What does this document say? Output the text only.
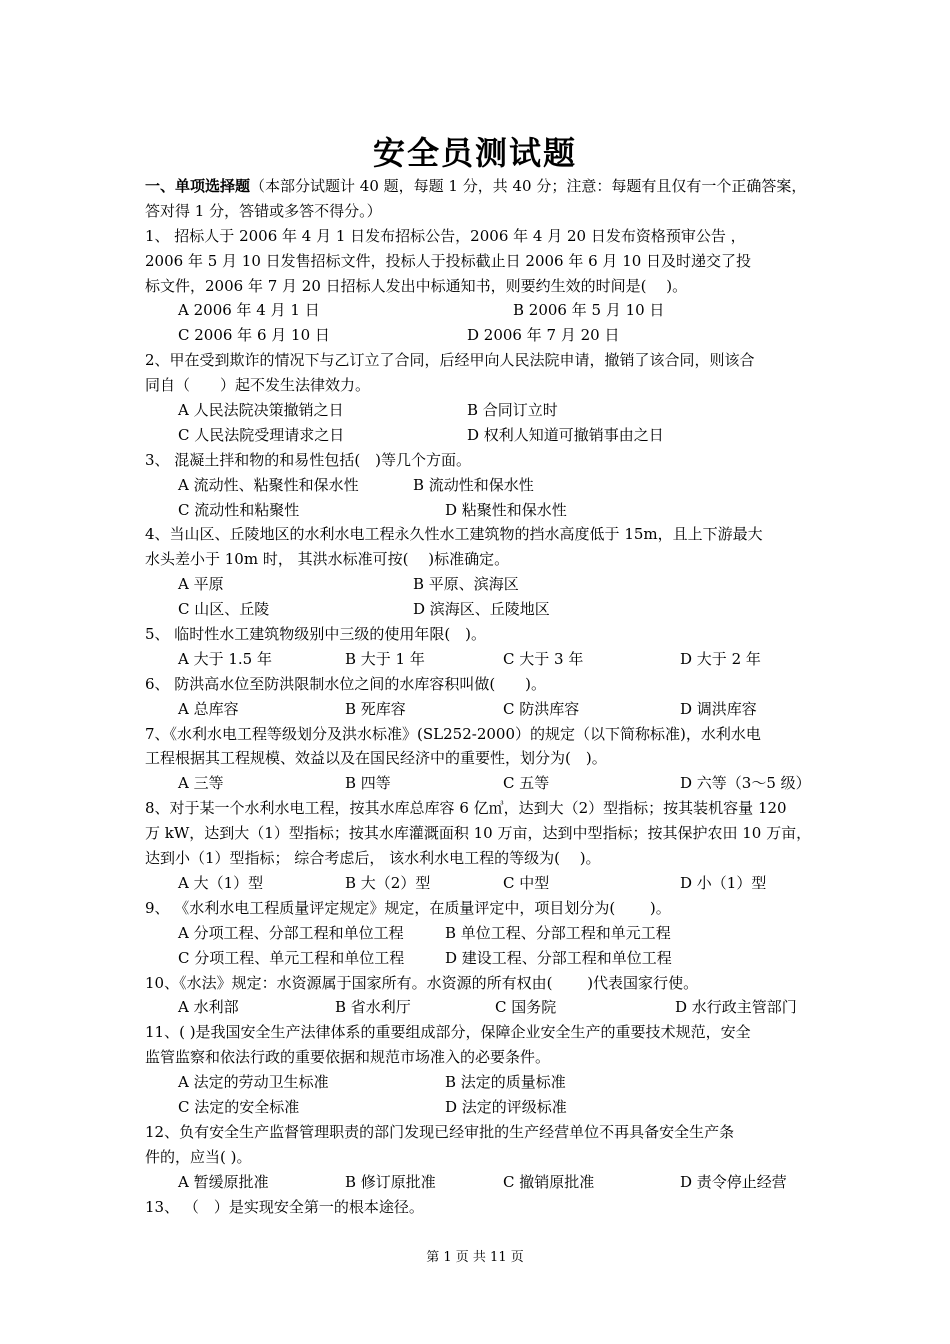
安全员测试题
一、单项选择题（本部分试题计 40 题，每题 1 分，共 40 分；注意：每题有且仅有一个正确答案，
答对得 1 分，答错或多答不得分。）
1、 招标人于 2006 年 4 月 1 日发布招标公告，2006 年 4 月 20 日发布资格预审公告 ，
2006 年 5 月 10 日发售招标文件，投标人于投标截止日 2006 年 6 月 10 日及时递交了投
标文件，2006 年 7 月 20 日招标人发出中标通知书，则要约生效的时间是(　 )。
A 2006 年 4 月 1 日	B 2006 年 5 月 10 日
C 2006 年 6 月 10 日	D 2006 年 7 月 20 日
2、甲在受到欺诈的情况下与乙订立了合同，后经甲向人民法院申请，撤销了该合同，则该合
同自（　　）起不发生法律效力。
A 人民法院决策撤销之日	B 合同订立时
C 人民法院受理请求之日	D 权利人知道可撤销事由之日
3、 混凝土拌和物的和易性包括(　)等几个方面。
A 流动性、粘聚性和保水性	B 流动性和保水性
C 流动性和粘聚性	D 粘聚性和保水性
4、当山区、丘陵地区的水利水电工程永久性水工建筑物的挡水高度低于 15m，且上下游最大
水头差小于 10m 时， 其洪水标准可按(　 )标准确定。
A 平原	B 平原、滨海区
C 山区、丘陵	D 滨海区、丘陵地区
5、 临时性水工建筑物级别中三级的使用年限(　)。
A 大于 1.5 年	B 大于 1 年	C 大于 3 年	D 大于 2 年
6、 防洪高水位至防洪限制水位之间的水库容积叫做(　　)。
A 总库容	B 死库容	C 防洪库容	D 调洪库容
7、《水利水电工程等级划分及洪水标准》(SL252-2000）的规定（以下简称标准)，水利水电
工程根据其工程规模、效益以及在国民经济中的重要性，划分为(　)。
A 三等	B 四等	C 五等	D 六等（3～5 级）
8、对于某一个水利水电工程，按其水库总库容 6 亿㎥，达到大（2）型指标；按其装机容量 120
万 kW，达到大（1）型指标；按其水库灌溉面积 10 万亩，达到中型指标；按其保护农田 10 万亩，
达到小（1）型指标； 综合考虑后， 该水利水电工程的等级为(　 )。
A 大（1）型	B 大（2）型	C 中型	D 小（1）型
9、 《水利水电工程质量评定规定》规定，在质量评定中，项目划分为(　　 )。
A 分项工程、分部工程和单位工程	B 单位工程、分部工程和单元工程
C 分项工程、单元工程和单位工程	D 建设工程、分部工程和单位工程
10、《水法》规定：水资源属于国家所有。水资源的所有权由(　　 )代表国家行使。
A 水利部	B 省水利厅	C 国务院	D 水行政主管部门
11、( )是我国安全生产法律体系的重要组成部分，保障企业安全生产的重要技术规范，安全
监管监察和依法行政的重要依据和规范市场准入的必要条件。
A 法定的劳动卫生标准	B 法定的质量标准
C 法定的安全标准	D 法定的评级标准
12、负有安全生产监督管理职责的部门发现已经审批的生产经营单位不再具备安全生产条
件的，应当( )。
A 暂缓原批准	B 修订原批准	C 撤销原批准	D 责令停止经营
13、 （　）是实现安全第一的根本途径。
第 1 页 共 11 页
